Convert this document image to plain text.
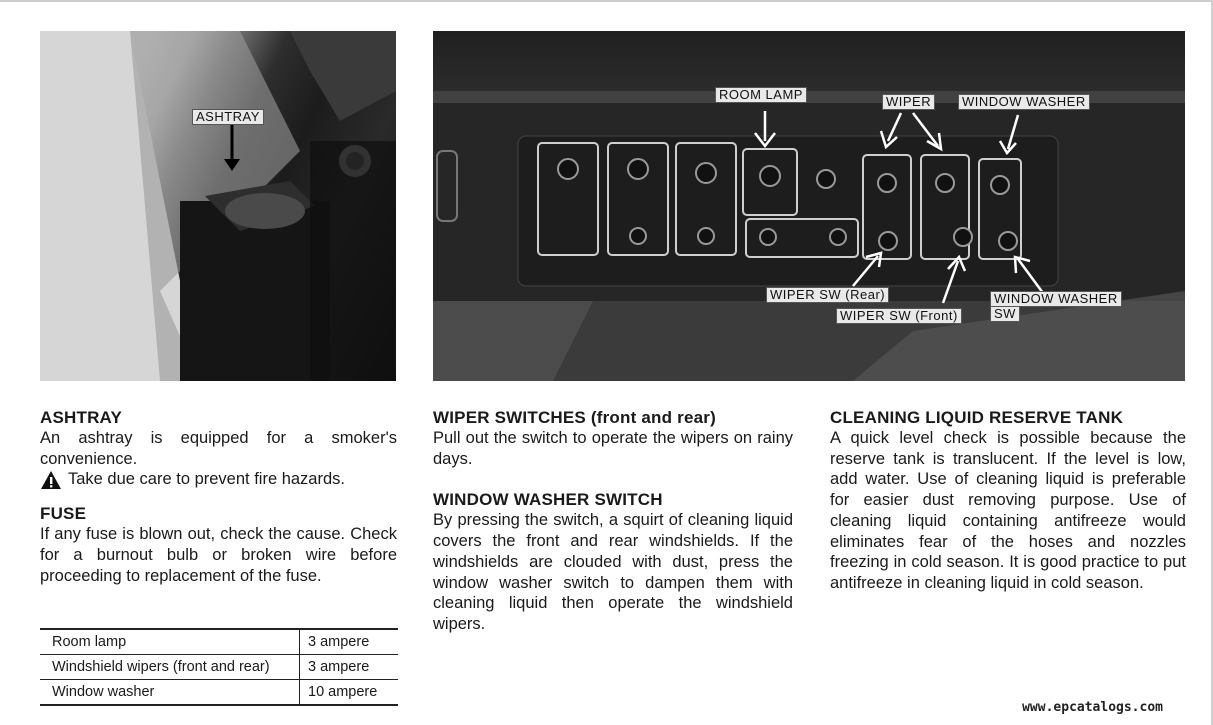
ASHTRAY
ROOM LAMP	WIPER	WINDOW WASHER
WIPER SW (Rear)
WIPER SW (Front)
WINDOW WASHER
SW
ASHTRAY

An ashtray is equipped for a smoker's convenience.

Take due care to prevent fire hazards.
FUSE

If any fuse is blown out, check the cause. Check for a burnout bulb or broken wire before proceeding to replacement of the fuse.

Room lamp	3 ampere
Windshield wipers (front and rear)	3 ampere
Window washer	10 ampere
WIPER SWITCHES (front and rear)

Pull out the switch to operate the wipers on rainy days.

WINDOW WASHER SWITCH

By pressing the switch, a squirt of cleaning liquid covers the front and rear windshields. If the windshields are clouded with dust, press the window washer switch to dampen them with cleaning liquid then operate the windshield wipers.

CLEANING LIQUID RESERVE TANK

A quick level check is possible because the reserve tank is translucent. If the level is low, add water. Use of cleaning liquid is preferable for easier dust removing purpose. Use of cleaning liquid containing antifreeze would eliminates fear of the hoses and nozzles freezing in cold season. It is good practice to put antifreeze in cleaning liquid in cold season.

www.epcatalogs.com
